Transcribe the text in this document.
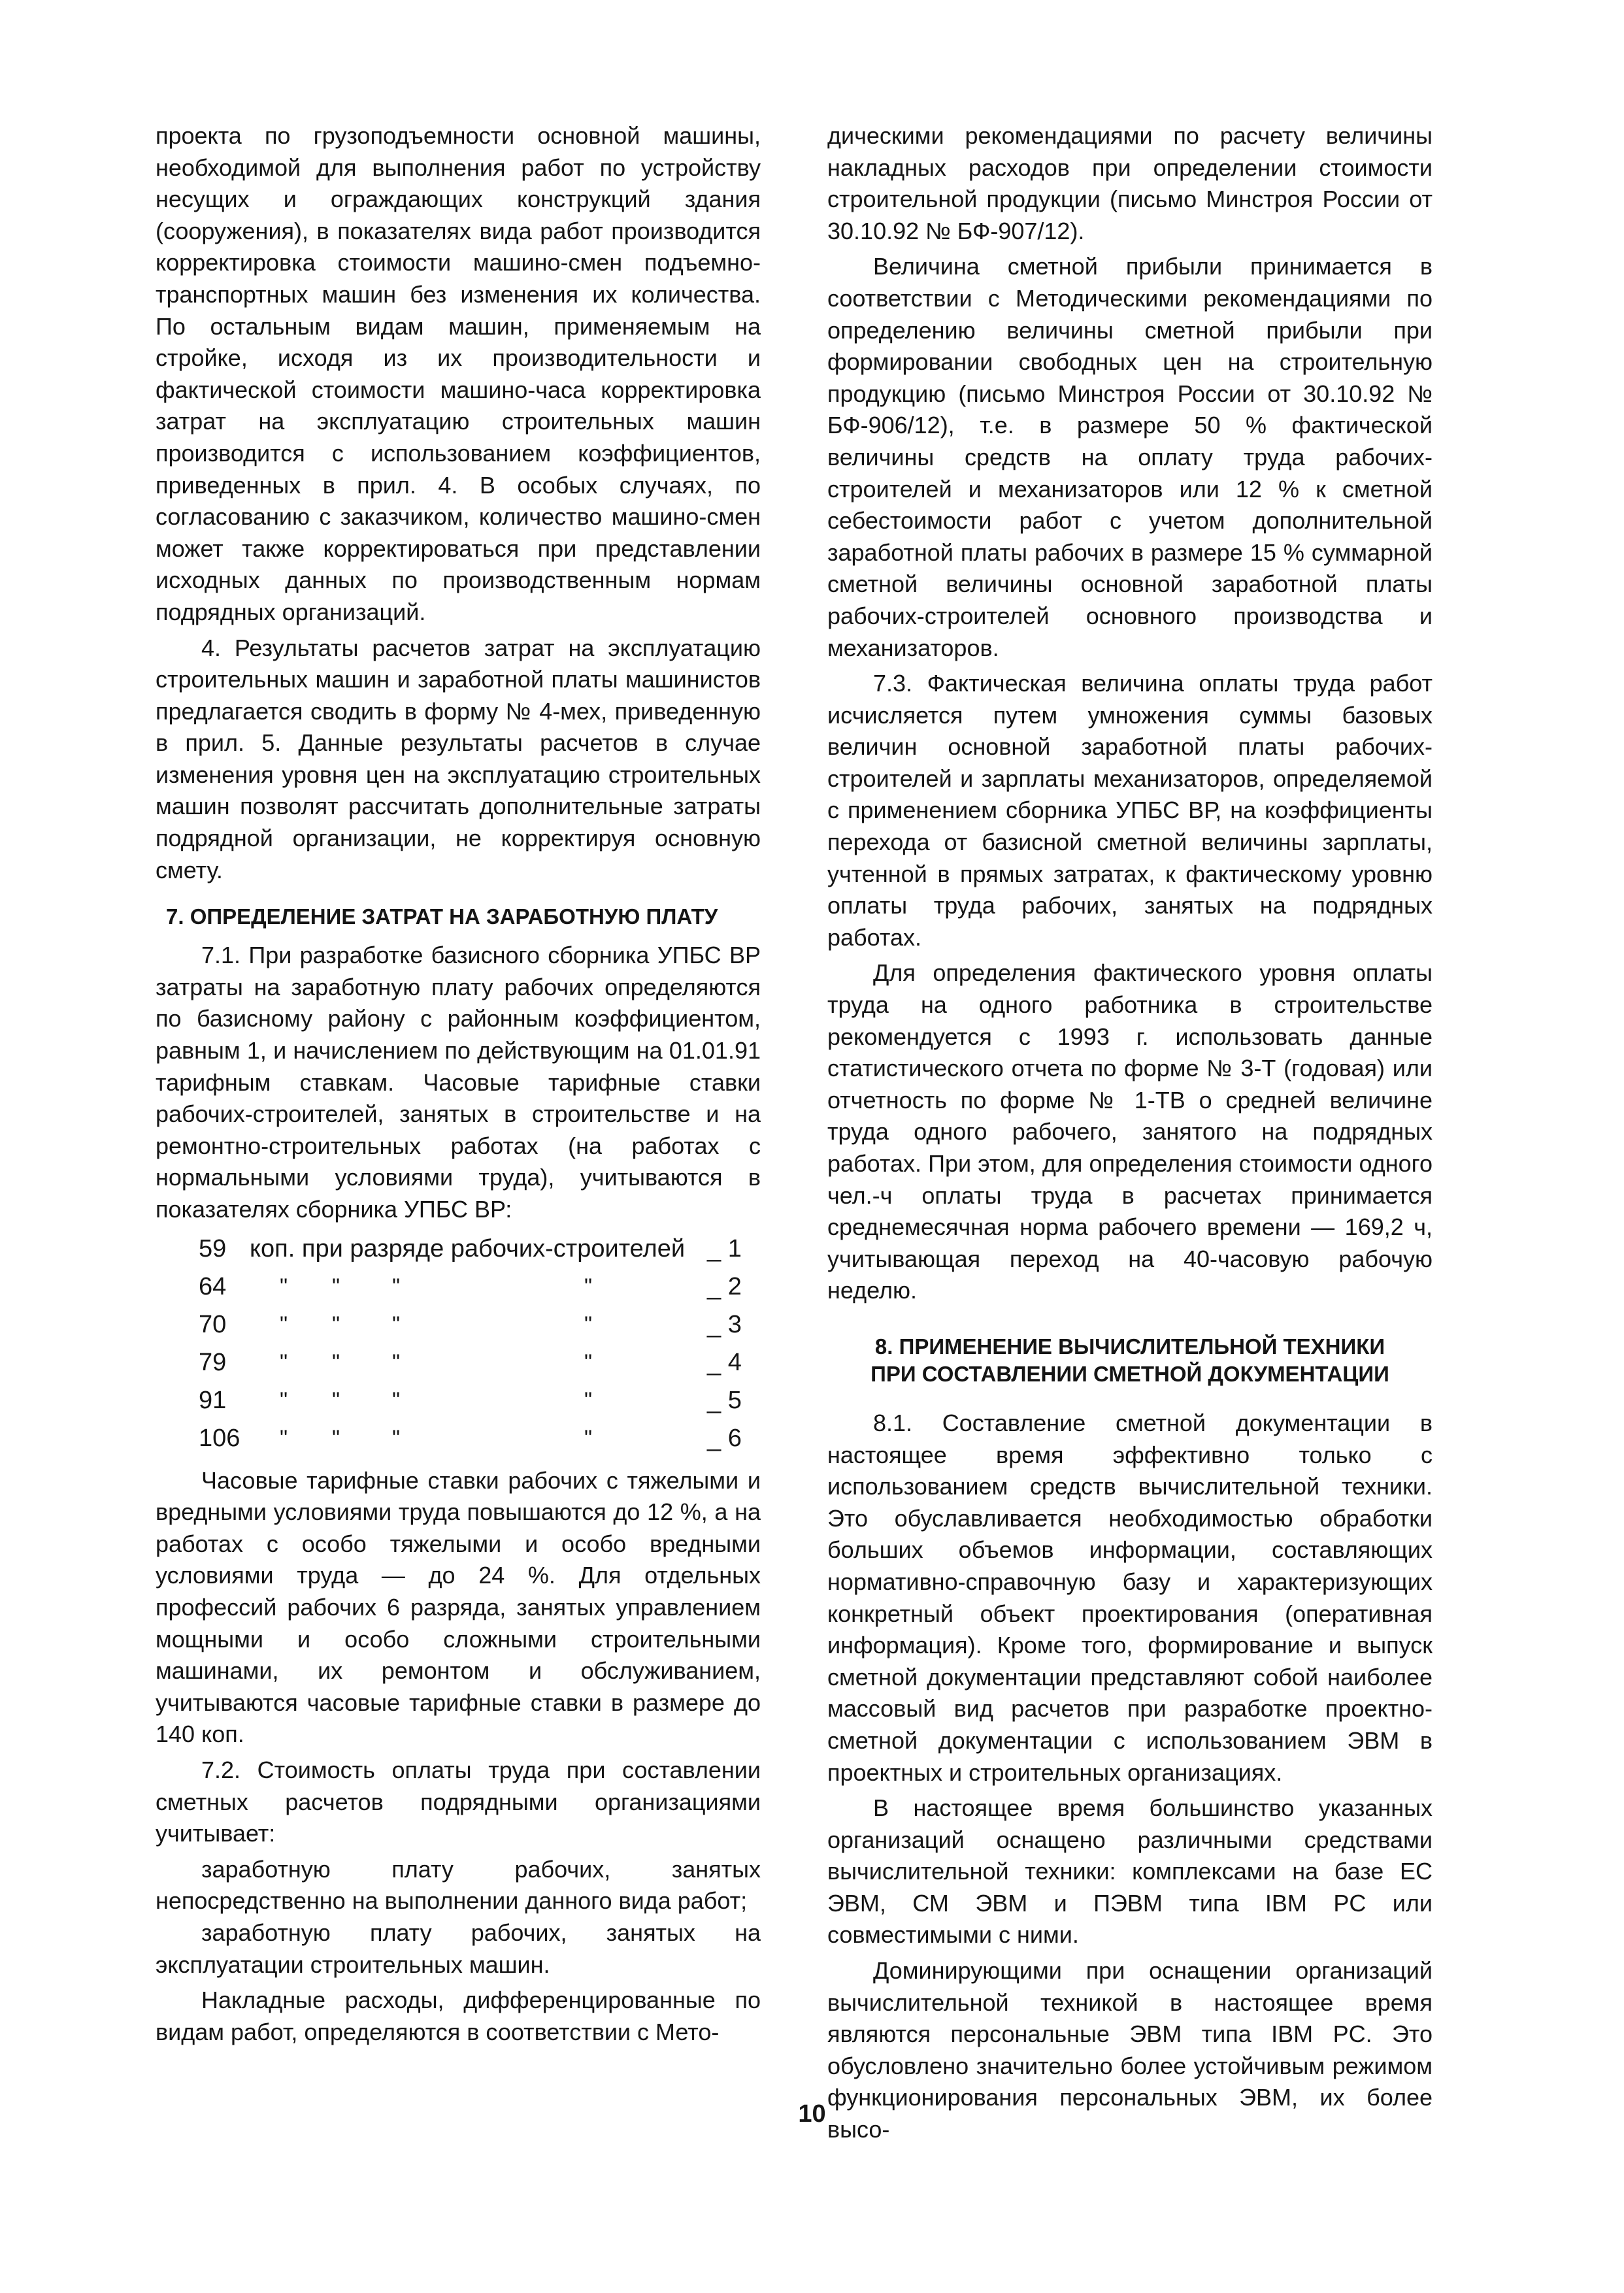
проекта по грузоподъемности основной машины, необходимой для выполнения работ по устройству несущих и ограждающих конструкций здания (сооружения), в показателях вида работ производится корректировка стоимости машино-смен подъемно-транспортных машин без изменения их количества. По остальным видам машин, применяемым на стройке, исходя из их производительности и фактической стоимости машино-часа корректировка затрат на эксплуатацию строительных машин производится с использованием коэффициентов, приведенных в прил. 4. В особых случаях, по согласованию с заказчиком, количество машино-смен может также корректироваться при представлении исходных данных по производственным нормам подрядных организаций.

4. Результаты расчетов затрат на эксплуатацию строительных машин и заработной платы машинистов предлагается сводить в форму № 4-мех, приведенную в прил. 5. Данные результаты расчетов в случае изменения уровня цен на эксплуатацию строительных машин позволят рассчитать дополнительные затраты подрядной организации, не корректируя основную смету.

7. ОПРЕДЕЛЕНИЕ ЗАТРАТ НА ЗАРАБОТНУЮ ПЛАТУ

7.1. При разработке базисного сборника УПБС ВР затраты на заработную плату рабочих определяются по базисному району с районным коэффициентом, равным 1, и начислением по действующим на 01.01.91 тарифным ставкам. Часовые тарифные ставки рабочих-строителей, занятых в строительстве и на ремонтно-строительных работах (на работах с нормальными условиями труда), учитываются в показателях сборника УПБС ВР:

59 коп. при разряде рабочих-строителей _ 1
64 " " "	"	_ 2
70 " " "	"	_ 3
79 " " "	"	_ 4
91 " " "	"	_ 5
106 " " "	"	_ 6

Часовые тарифные ставки рабочих с тяжелыми и вредными условиями труда повышаются до 12 %, а на работах с особо тяжелыми и особо вредными условиями труда — до 24 %. Для отдельных профессий рабочих 6 разряда, занятых управлением мощными и особо сложными строительными машинами, их ремонтом и обслуживанием, учитываются часовые тарифные ставки в размере до 140 коп.

7.2. Стоимость оплаты труда при составлении сметных расчетов подрядными организациями учитывает:

заработную плату рабочих, занятых непосредственно на выполнении данного вида работ;

заработную плату рабочих, занятых на эксплуатации строительных машин.

Накладные расходы, дифференцированные по видам работ, определяются в соответствии с Мето-

дическими рекомендациями по расчету величины накладных расходов при определении стоимости строительной продукции (письмо Минстроя России от 30.10.92 № БФ-907/12).

Величина сметной прибыли принимается в соответствии с Методическими рекомендациями по определению величины сметной прибыли при формировании свободных цен на строительную продукцию (письмо Минстроя России от 30.10.92 № БФ-906/12), т.е. в размере 50 % фактической величины средств на оплату труда рабочих-строителей и механизаторов или 12 % к сметной себестоимости работ с учетом дополнительной заработной платы рабочих в размере 15 % суммарной сметной величины основной заработной платы рабочих-строителей основного производства и механизаторов.

7.3. Фактическая величина оплаты труда работ исчисляется путем умножения суммы базовых величин основной заработной платы рабочих-строителей и зарплаты механизаторов, определяемой с применением сборника УПБС ВР, на коэффициенты перехода от базисной сметной величины зарплаты, учтенной в прямых затратах, к фактическому уровню оплаты труда рабочих, занятых на подрядных работах.

Для определения фактического уровня оплаты труда на одного работника в строительстве рекомендуется с 1993 г. использовать данные статистического отчета по форме № 3-Т (годовая) или отчетность по форме № 1-ТВ о средней величине труда одного рабочего, занятого на подрядных работах. При этом, для определения стоимости одного чел.-ч оплаты труда в расчетах принимается среднемесячная норма рабочего времени — 169,2 ч, учитывающая переход на 40-часовую рабочую неделю.

8. ПРИМЕНЕНИЕ ВЫЧИСЛИТЕЛЬНОЙ ТЕХНИКИ
ПРИ СОСТАВЛЕНИИ СМЕТНОЙ ДОКУМЕНТАЦИИ

8.1. Составление сметной документации в настоящее время эффективно только с использованием средств вычислительной техники. Это обуславливается необходимостью обработки больших объемов информации, составляющих нормативно-справочную базу и характеризующих конкретный объект проектирования (оперативная информация). Кроме того, формирование и выпуск сметной документации представляют собой наиболее массовый вид расчетов при разработке проектно-сметной документации с использованием ЭВМ в проектных и строительных организациях.

В настоящее время большинство указанных организаций оснащено различными средствами вычислительной техники: комплексами на базе ЕС ЭВМ, СМ ЭВМ и ПЭВМ типа IBM PC или совместимыми с ними.

Доминирующими при оснащении организаций вычислительной техникой в настоящее время являются персональные ЭВМ типа IBM PC. Это обусловлено значительно более устойчивым режимом функционирования персональных ЭВМ, их более высо-

10
